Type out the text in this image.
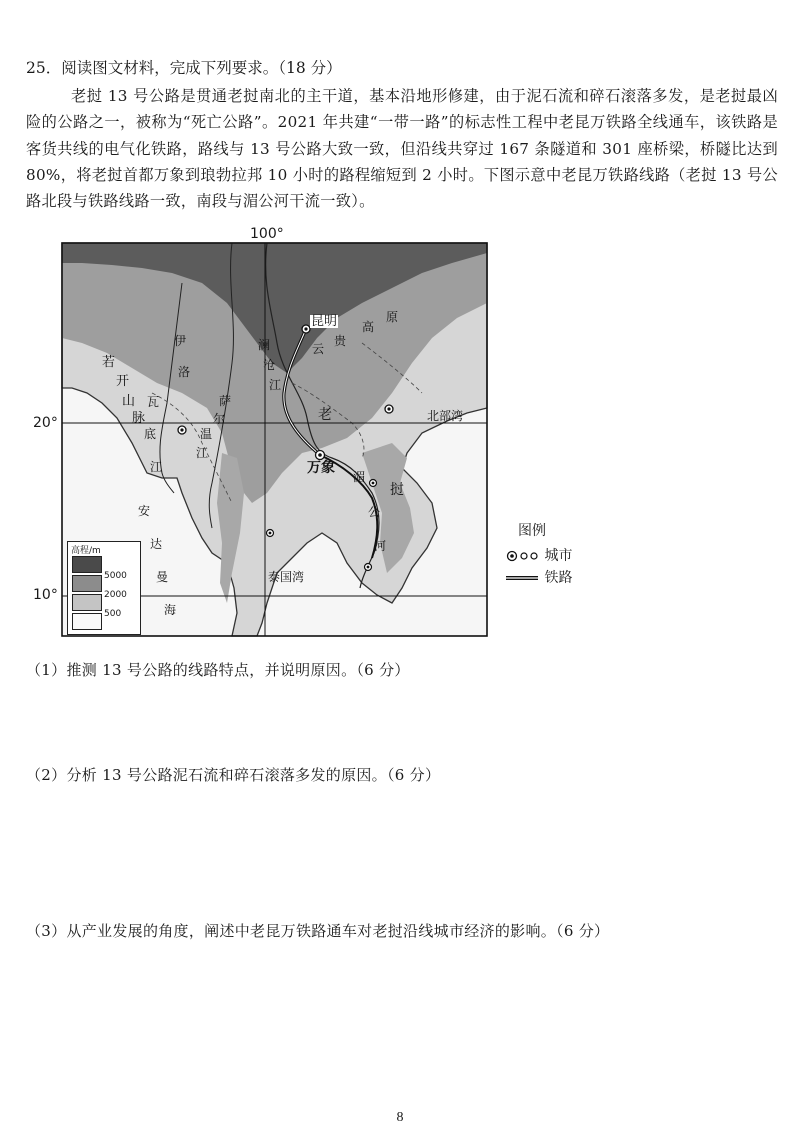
25．阅读图文材料，完成下列要求。（18 分）
老挝 13 号公路是贯通老挝南北的主干道，基本沿地形修建，由于泥石流和碎石滚落多发，是老挝最凶险的公路之一，被称为“死亡公路”。2021 年共建“一带一路”的标志性工程中老昆万铁路全线通车，该铁路是客货共线的电气化铁路，路线与 13 号公路大致一致，但沿线共穿过 167 条隧道和 301 座桥梁，桥隧比达到 80%，将老挝首都万象到琅勃拉邦 10 小时的路程缩短到 2 小时。下图示意中老昆万铁路线路（老挝 13 号公路北段与铁路线路一致，南段与湄公河干流一致）。
昆明
云
贵
高
原
澜
沧
江
老	北部湾
万象
湄
挝
公
河
若
开
山
脉
伊
洛
瓦
底
江
萨
尔
温
江
安
达
曼
海
泰国湾
高程/m
5000
2000
500
100°
20°
10°
图例
城市
铁路
（1）推测 13 号公路的线路特点，并说明原因。（6 分）
（2）分析 13 号公路泥石流和碎石滚落多发的原因。（6 分）
（3）从产业发展的角度，阐述中老昆万铁路通车对老挝沿线城市经济的影响。（6 分）
8
